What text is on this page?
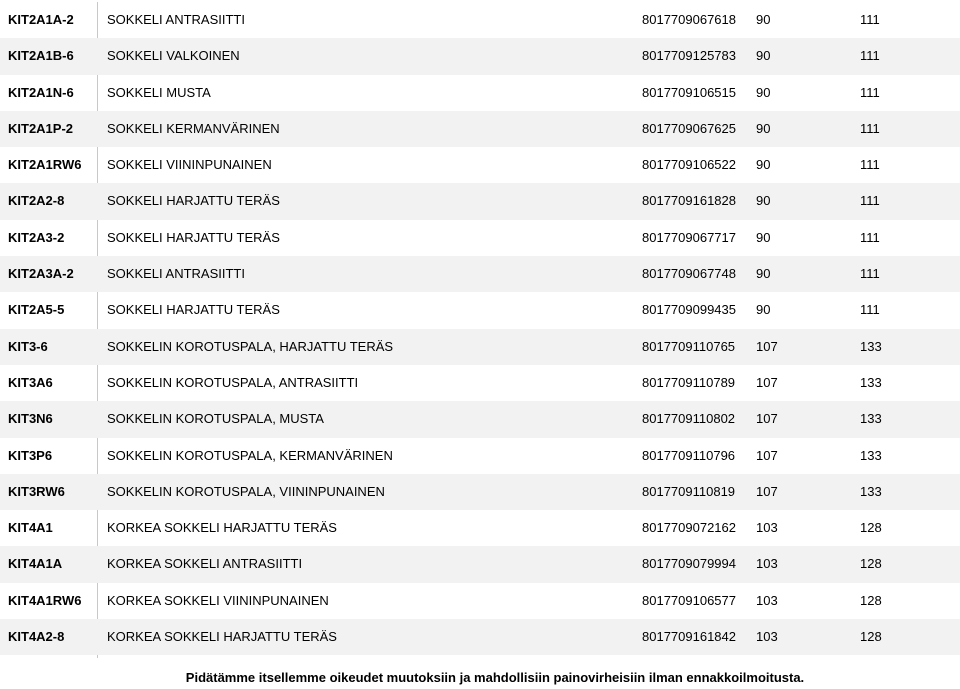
KIT2A1A-2	SOKKELI ANTRASIITTI	8017709067618 90	111
KIT2A1B-6	SOKKELI VALKOINEN	8017709125783 90	111
KIT2A1N-6	SOKKELI MUSTA	8017709106515 90	111
KIT2A1P-2	SOKKELI KERMANVÄRINEN	8017709067625 90	111
KIT2A1RW6 SOKKELI VIININPUNAINEN	8017709106522 90	111
KIT2A2-8	SOKKELI HARJATTU TERÄS	8017709161828 90	111
KIT2A3-2	SOKKELI HARJATTU TERÄS	8017709067717 90	111
KIT2A3A-2	SOKKELI ANTRASIITTI	8017709067748 90	111
KIT2A5-5	SOKKELI HARJATTU TERÄS	8017709099435 90	111
KIT3-6	SOKKELIN KOROTUSPALA, HARJATTU TERÄS	8017709110765 107	133
KIT3A6	SOKKELIN KOROTUSPALA, ANTRASIITTI	8017709110789 107	133
KIT3N6	SOKKELIN KOROTUSPALA, MUSTA	8017709110802 107	133
KIT3P6	SOKKELIN KOROTUSPALA, KERMANVÄRINEN	8017709110796 107	133
KIT3RW6	SOKKELIN KOROTUSPALA, VIININPUNAINEN	8017709110819 107	133
KIT4A1	KORKEA SOKKELI HARJATTU TERÄS	8017709072162 103	128
KIT4A1A	KORKEA SOKKELI ANTRASIITTI	8017709079994 103	128
KIT4A1RW6 KORKEA SOKKELI VIININPUNAINEN	8017709106577 103	128
KIT4A2-8	KORKEA SOKKELI HARJATTU TERÄS	8017709161842 103	128
Pidätämme itsellemme oikeudet muutoksiin ja mahdollisiin painovirheisiin ilman ennakkoilmoitusta.
